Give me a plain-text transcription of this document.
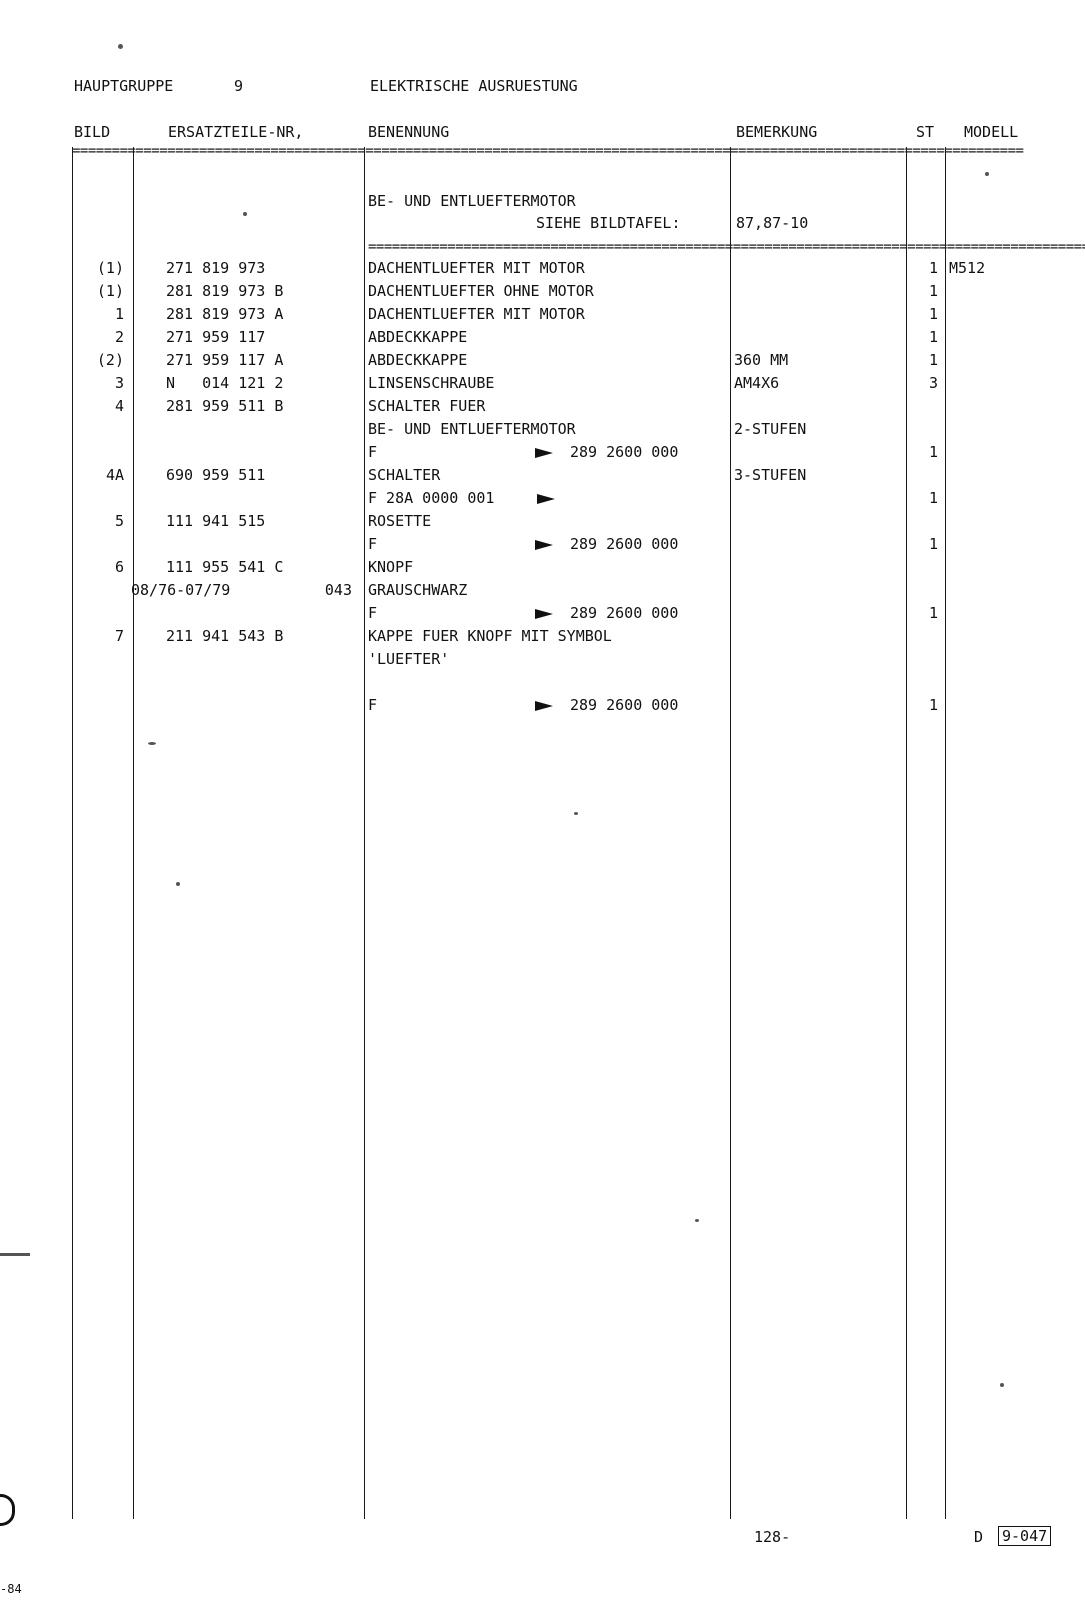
HAUPTGRUPPE	9	ELEKTRISCHE AUSRUESTUNG
BILD	ERSATZTEILE-NR,	BENENNUNG	BEMERKUNG	ST MODELL
=====
=====
BE- UND ENTLUEFTERMOTOR
SIEHE BILDTAFEL:	87,87-10
(1)	271 819 973	DACHENTLUEFTER MIT MOTOR	1 M512
(1)	281 819 973 B	DACHENTLUEFTER OHNE MOTOR	1
1	281 819 973 A	DACHENTLUEFTER MIT MOTOR	1
2	271 959 117	ABDECKKAPPE	1
(2)	271 959 117 A	ABDECKKAPPE	360 MM	1
3	N   014 121 2	LINSENSCHRAUBE	AM4X6	3
4	281 959 511 B	SCHALTER FUER
BE- UND ENTLUEFTERMOTOR	2-STUFEN
F	289 2600 000	1
4A	690 959 511	SCHALTER	3-STUFEN
F 28A 0000 001	1
5	111 941 515	ROSETTE
F	289 2600 000	1
6	111 955 541 C	KNOPF
08/76-07/79	043 GRAUSCHWARZ
F	289 2600 000	1
7	211 941 543 B	KAPPE FUER KNOPF MIT SYMBOL
'LUEFTER'
F	289 2600 000	1
128-	D 9-047
-84
